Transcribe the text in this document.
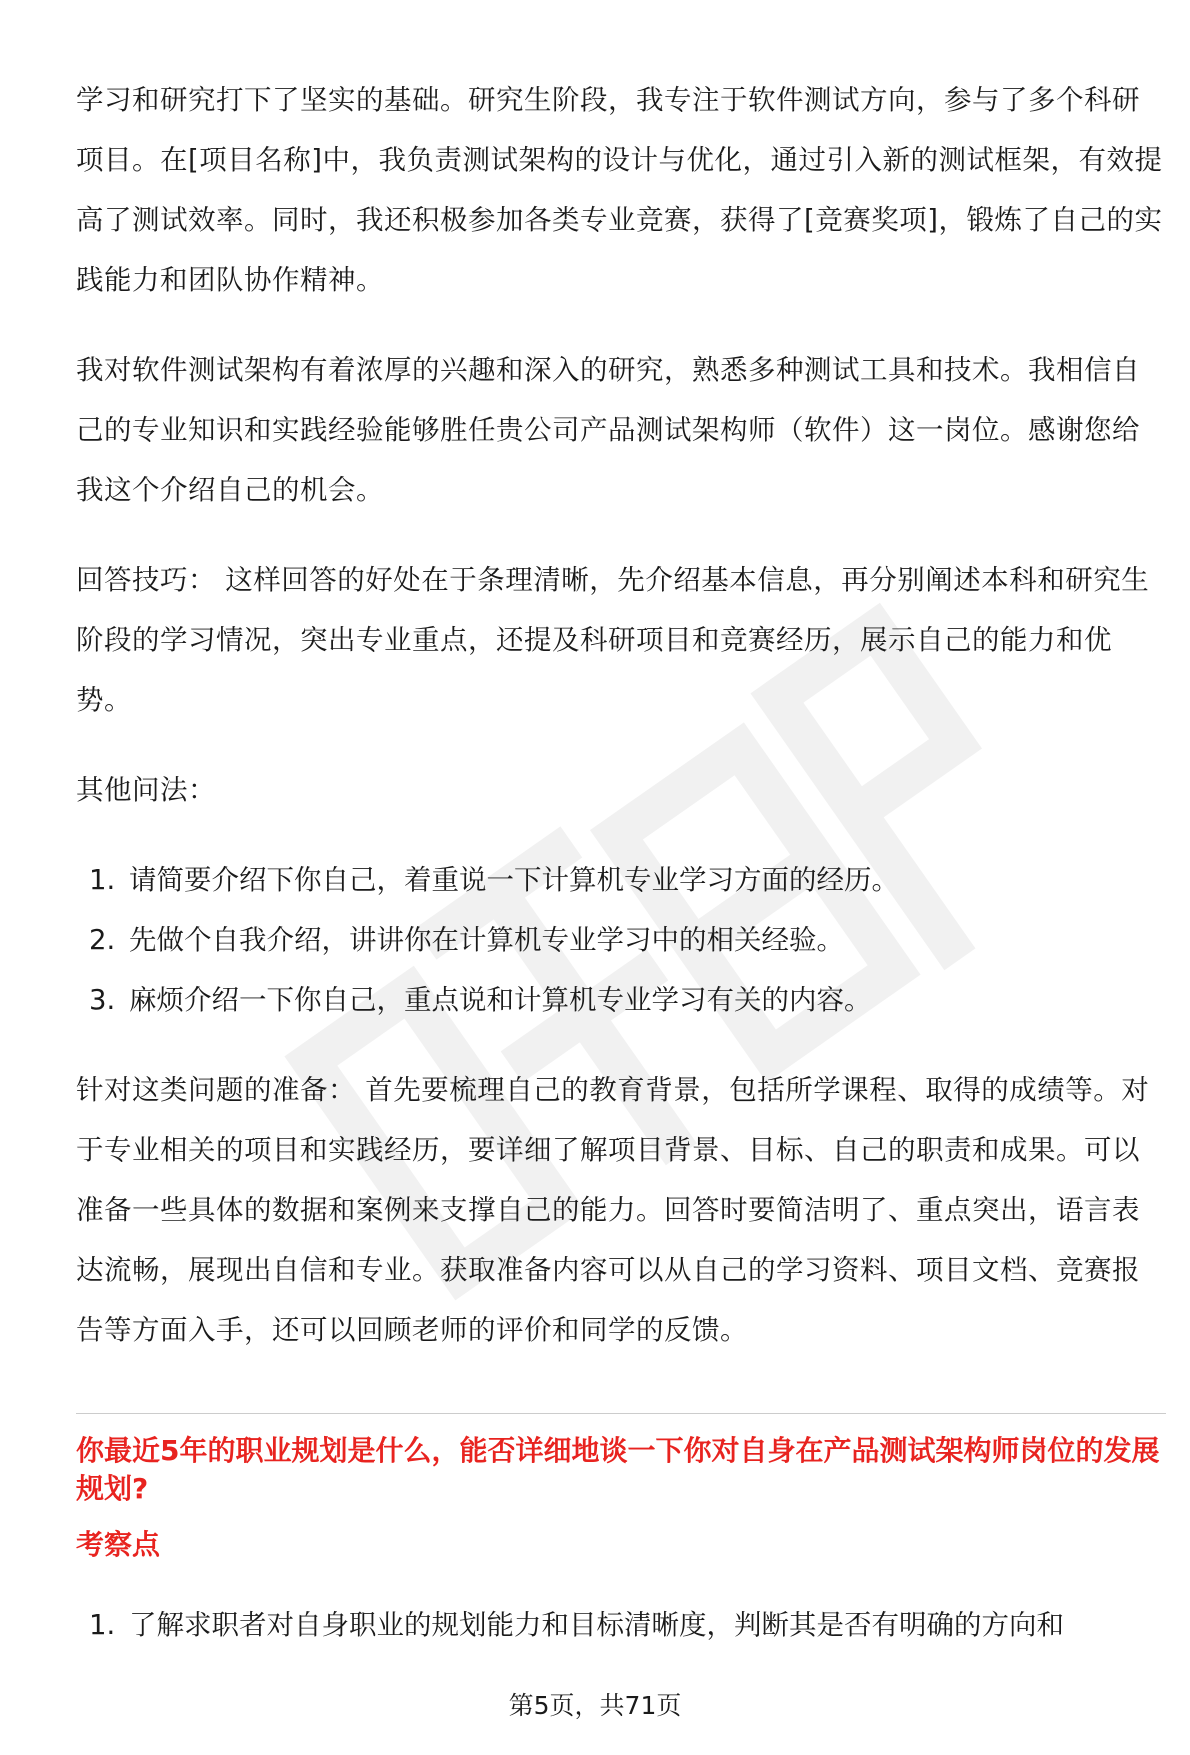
学习和研究打下了坚实的基础。研究生阶段，我专注于软件测试方向，参与了多个科研项目。在[项目名称]中，我负责测试架构的设计与优化，通过引入新的测试框架，有效提高了测试效率。同时，我还积极参加各类专业竞赛，获得了[竞赛奖项]，锻炼了自己的实践能力和团队协作精神。

我对软件测试架构有着浓厚的兴趣和深入的研究，熟悉多种测试工具和技术。我相信自己的专业知识和实践经验能够胜任贵公司产品测试架构师（软件）这一岗位。感谢您给我这个介绍自己的机会。

回答技巧： 这样回答的好处在于条理清晰，先介绍基本信息，再分别阐述本科和研究生阶段的学习情况，突出专业重点，还提及科研项目和竞赛经历，展示自己的能力和优势。

其他问法：

1. 请简要介绍下你自己，着重说一下计算机专业学习方面的经历。
2. 先做个自我介绍，讲讲你在计算机专业学习中的相关经验。
3. 麻烦介绍一下你自己，重点说和计算机专业学习有关的内容。

针对这类问题的准备： 首先要梳理自己的教育背景，包括所学课程、取得的成绩等。对于专业相关的项目和实践经历，要详细了解项目背景、目标、自己的职责和成果。可以准备一些具体的数据和案例来支撑自己的能力。回答时要简洁明了、重点突出，语言表达流畅，展现出自信和专业。获取准备内容可以从自己的学习资料、项目文档、竞赛报告等方面入手，还可以回顾老师的评价和同学的反馈。

你最近5年的职业规划是什么，能否详细地谈一下你对自身在产品测试架构师岗位的发展规划?
考察点
1. 了解求职者对自身职业的规划能力和目标清晰度，判断其是否有明确的方向和
第5页，共71页
